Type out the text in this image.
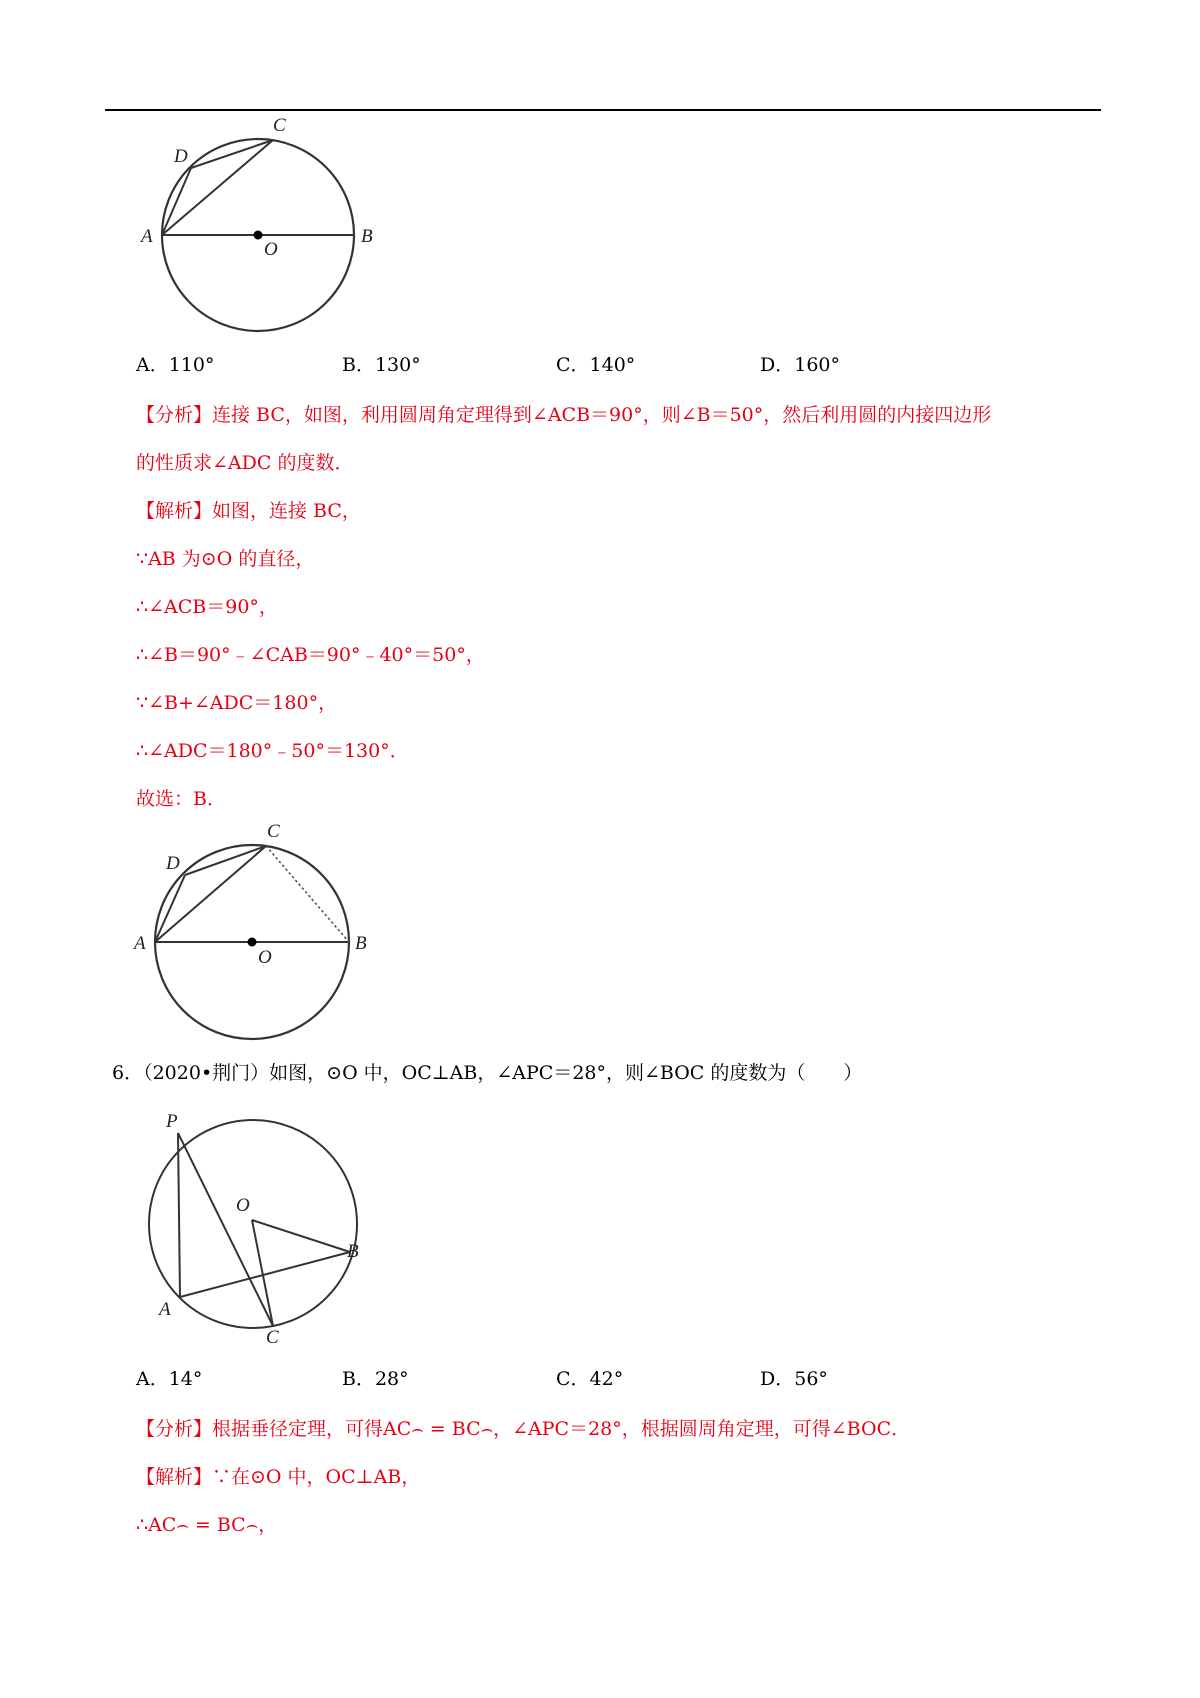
C
D
A	B
O
A．110°	B．130°	C．140°	D．160°
【分析】连接 BC，如图，利用圆周角定理得到∠ACB＝90°，则∠B＝50°，然后利用圆的内接四边形
的性质求∠ADC 的度数．
【解析】如图，连接 BC，
∵AB 为⊙O 的直径，
∴∠ACB＝90°，
∴∠B＝90°﹣∠CAB＝90°﹣40°＝50°，
∵∠B+∠ADC＝180°，
∴∠ADC＝180°﹣50°＝130°．
故选：B．
C
D
A	B
O
6．（2020•荆门）如图，⊙O 中，OC⊥AB，∠APC＝28°，则∠BOC 的度数为（　　）
P
O
A
B
C
A．14°	B．28°	C．42°	D．56°
【分析】根据垂径定理，可得AC⌢ = BC⌢，∠APC＝28°，根据圆周角定理，可得∠BOC．
【解析】∵在⊙O 中，OC⊥AB，
∴AC⌢ = BC⌢，
